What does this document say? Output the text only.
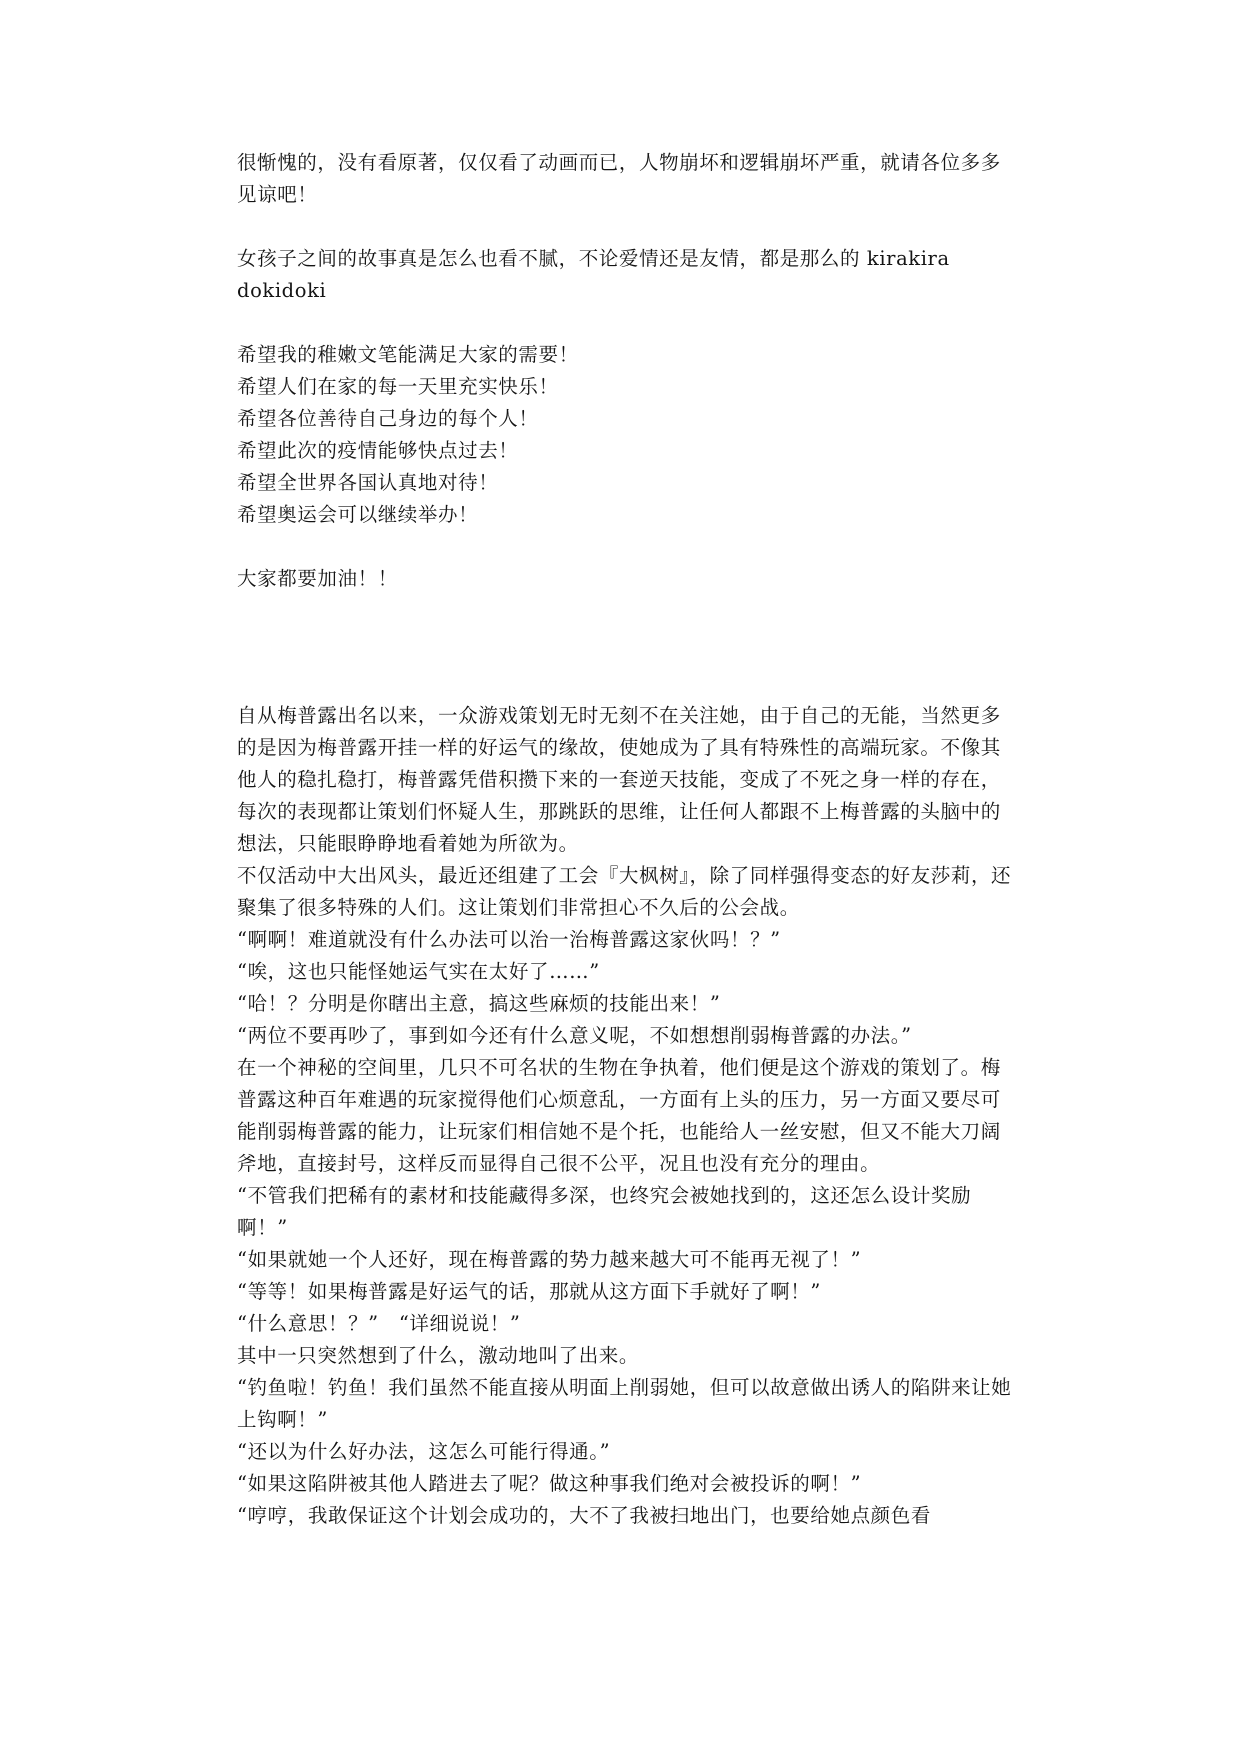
很惭愧的，没有看原著，仅仅看了动画而已，人物崩坏和逻辑崩坏严重，就请各位多多见谅吧！

女孩子之间的故事真是怎么也看不腻，不论爱情还是友情，都是那么的 kirakira dokidoki

希望我的稚嫩文笔能满足大家的需要！

希望人们在家的每一天里充实快乐！

希望各位善待自己身边的每个人！

希望此次的疫情能够快点过去！

希望全世界各国认真地对待！

希望奥运会可以继续举办！

大家都要加油！！

自从梅普露出名以来，一众游戏策划无时无刻不在关注她，由于自己的无能，当然更多的是因为梅普露开挂一样的好运气的缘故，使她成为了具有特殊性的高端玩家。不像其他人的稳扎稳打，梅普露凭借积攒下来的一套逆天技能，变成了不死之身一样的存在，每次的表现都让策划们怀疑人生，那跳跃的思维，让任何人都跟不上梅普露的头脑中的想法，只能眼睁睁地看着她为所欲为。

不仅活动中大出风头，最近还组建了工会『大枫树』，除了同样强得变态的好友莎莉，还聚集了很多特殊的人们。这让策划们非常担心不久后的公会战。

“啊啊！难道就没有什么办法可以治一治梅普露这家伙吗！？”

“唉，这也只能怪她运气实在太好了……”

“哈！？分明是你瞎出主意，搞这些麻烦的技能出来！”

“两位不要再吵了，事到如今还有什么意义呢，不如想想削弱梅普露的办法。”

在一个神秘的空间里，几只不可名状的生物在争执着，他们便是这个游戏的策划了。梅普露这种百年难遇的玩家搅得他们心烦意乱，一方面有上头的压力，另一方面又要尽可能削弱梅普露的能力，让玩家们相信她不是个托，也能给人一丝安慰，但又不能大刀阔斧地，直接封号，这样反而显得自己很不公平，况且也没有充分的理由。

“不管我们把稀有的素材和技能藏得多深，也终究会被她找到的，这还怎么设计奖励啊！”

“如果就她一个人还好，现在梅普露的势力越来越大可不能再无视了！”

“等等！如果梅普露是好运气的话，那就从这方面下手就好了啊！”

“什么意思！？”　“详细说说！”

其中一只突然想到了什么，激动地叫了出来。

“钓鱼啦！钓鱼！我们虽然不能直接从明面上削弱她，但可以故意做出诱人的陷阱来让她上钩啊！”

“还以为什么好办法，这怎么可能行得通。”

“如果这陷阱被其他人踏进去了呢？做这种事我们绝对会被投诉的啊！”

“哼哼，我敢保证这个计划会成功的，大不了我被扫地出门，也要给她点颜色看
